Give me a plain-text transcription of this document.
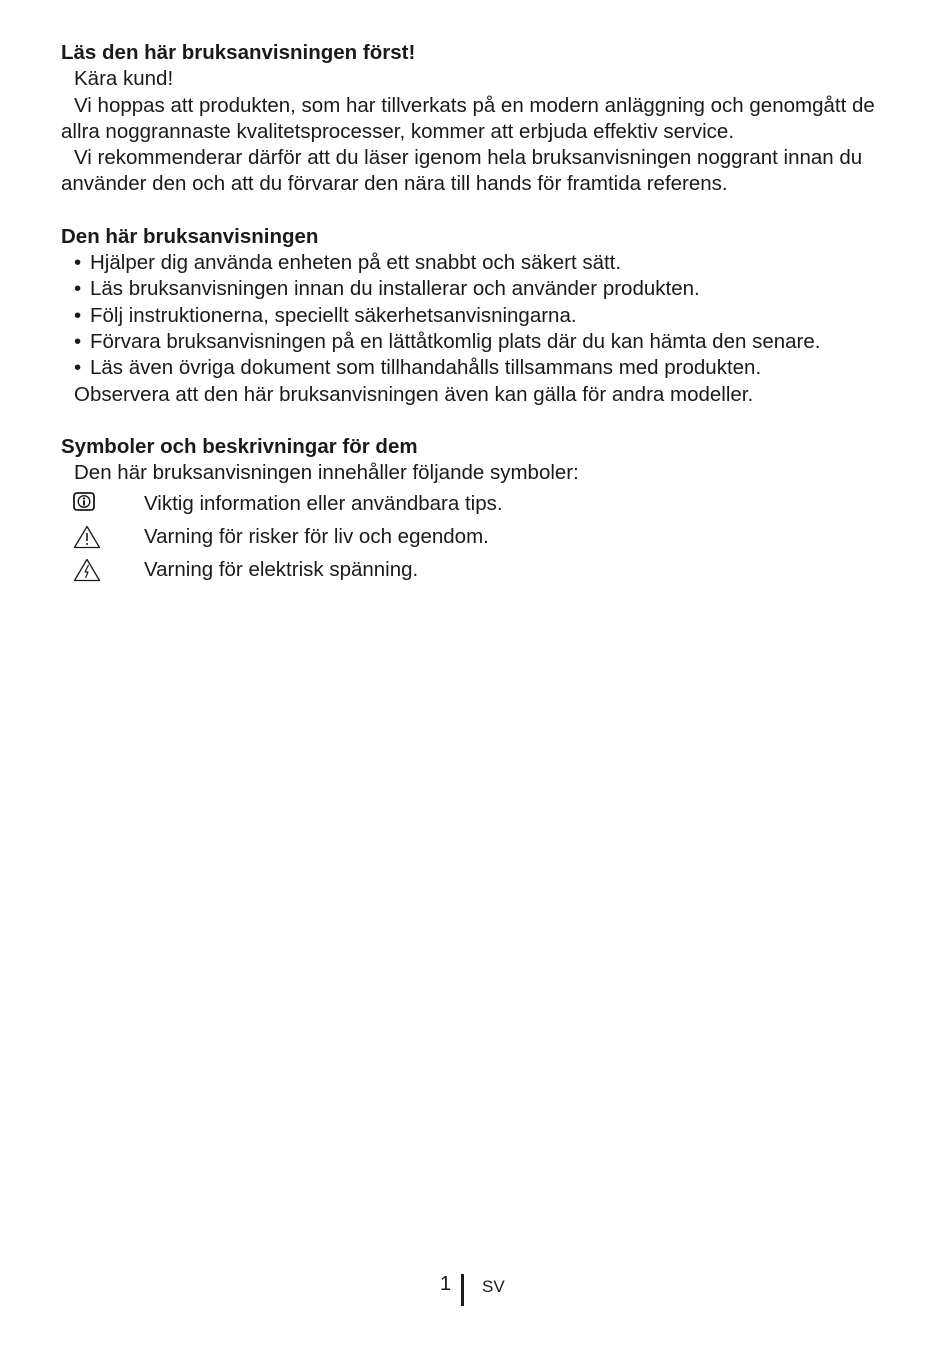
Läs den här bruksanvisningen först!

Kära kund!

Vi hoppas att produkten, som har tillverkats på en modern anläggning och genomgått de allra noggrannaste kvalitetsprocesser, kommer att erbjuda effektiv service.

Vi rekommenderar därför att du läser igenom hela bruksanvisningen noggrant innan du använder den och att du förvarar den nära till hands för framtida referens.

Den här bruksanvisningen

• Hjälper dig använda enheten på ett snabbt och säkert sätt.
• Läs bruksanvisningen innan du installerar och använder produkten.
• Följ instruktionerna, speciellt säkerhetsanvisningarna.
• Förvara bruksanvisningen på en lättåtkomlig plats där du kan hämta den senare.
• Läs även övriga dokument som tillhandahålls tillsammans med produkten.

Observera att den här bruksanvisningen även kan gälla för andra modeller.

Symboler och beskrivningar för dem

Den här bruksanvisningen innehåller följande symboler:

Viktig information eller användbara tips.
Varning för risker för liv och egendom.
Varning för elektrisk spänning.
1 SV
